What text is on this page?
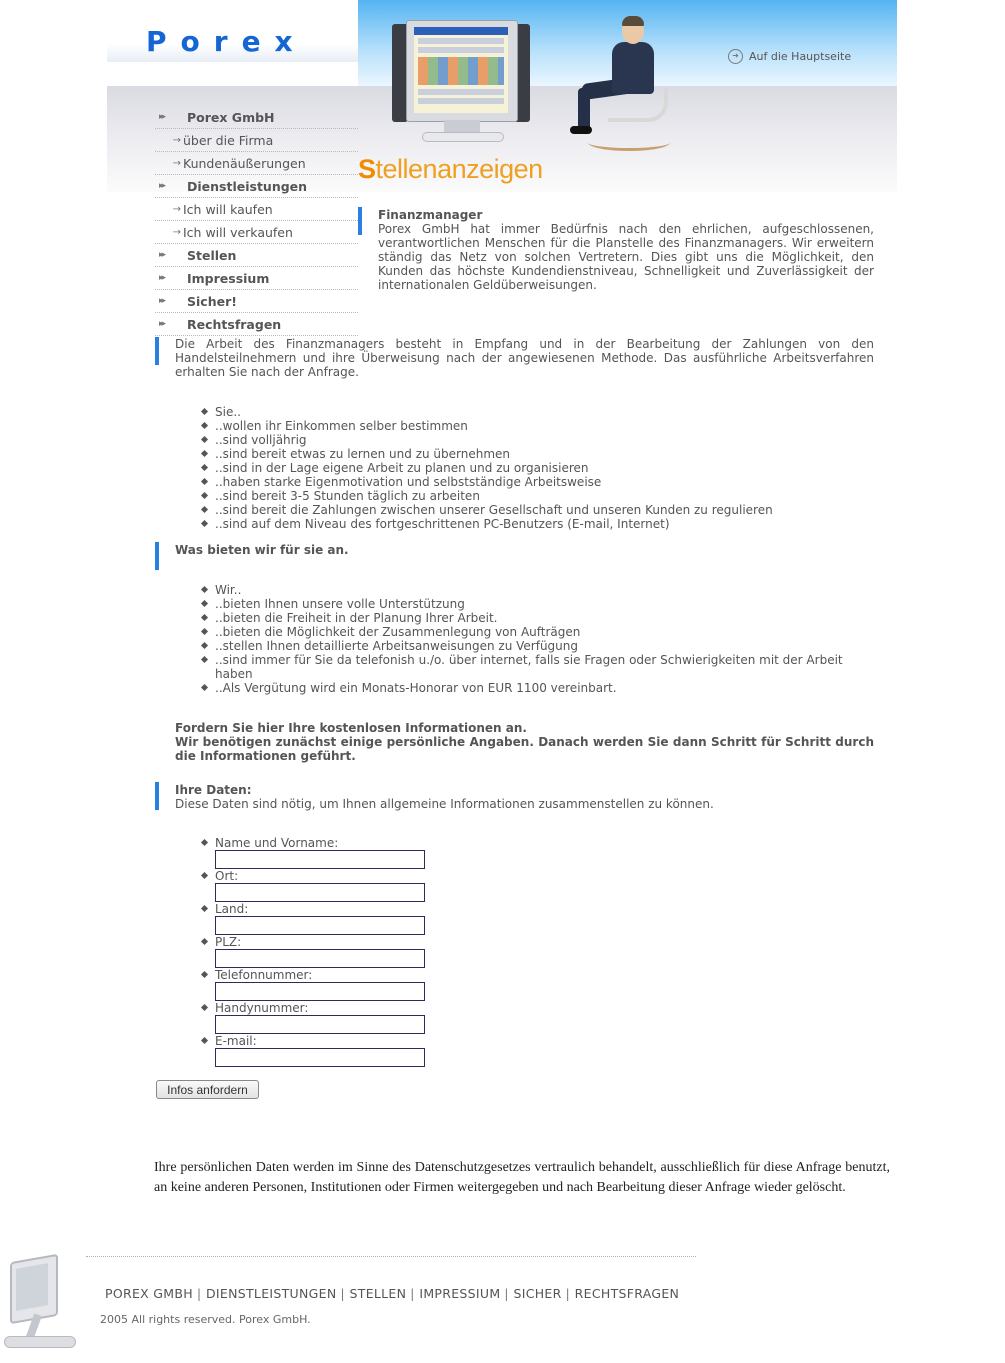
Porex	➜ Auf die Hauptseite
▸▸	Porex GmbH
→ über die Firma
→ Kundenäußerungen
▸▸	Dienstleistungen
→ Ich will kaufen
→ Ich will verkaufen
▸▸	Stellen
▸▸	Impressium
▸▸	Sicher!
▸▸	Rechtsfragen
Stellenanzeigen
Finanzmanager
Porex GmbH hat immer Bedürfnis nach den ehrlichen, aufgeschlossenen, verantwortlichen Menschen für die Planstelle des Finanzmanagers. Wir erweitern ständig das Netz von solchen Vertretern. Dies gibt uns die Möglichkeit, den Kunden das höchste Kundendienstniveau, Schnelligkeit und Zuverlässigkeit der internationalen Geldüberweisungen.
Die Arbeit des Finanzmanagers besteht in Empfang und in der Bearbeitung der Zahlungen von den Handelsteilnehmern und ihre Überweisung nach der angewiesenen Methode. Das ausführliche Arbeitsverfahren erhalten Sie nach der Anfrage.
Sie..
..wollen ihr Einkommen selber bestimmen
..sind volljährig
..sind bereit etwas zu lernen und zu übernehmen
..sind in der Lage eigene Arbeit zu planen und zu organisieren
..haben starke Eigenmotivation und selbstständige Arbeitsweise
..sind bereit 3-5 Stunden täglich zu arbeiten
..sind bereit die Zahlungen zwischen unserer Gesellschaft und unseren Kunden zu regulieren
..sind auf dem Niveau des fortgeschrittenen PC-Benutzers (E-mail, Internet)
Was bieten wir für sie an.
Wir..
..bieten Ihnen unsere volle Unterstützung
..bieten die Freiheit in der Planung Ihrer Arbeit.
..bieten die Möglichkeit der Zusammenlegung von Aufträgen
..stellen Ihnen detaillierte Arbeitsanweisungen zu Verfügung
..sind immer für Sie da telefonish u./o. über internet, falls sie Fragen oder Schwierigkeiten mit der Arbeit haben
..Als Vergütung wird ein Monats-Honorar von EUR 1100 vereinbart.
Fordern Sie hier Ihre kostenlosen Informationen an.
Wir benötigen zunächst einige persönliche Angaben. Danach werden Sie dann Schritt für Schritt durch die Informationen geführt.
Ihre Daten:
Diese Daten sind nötig, um Ihnen allgemeine Informationen zusammenstellen zu können.
Name und Vorname:
Ort:
Land:
PLZ:
Telefonnummer:
Handynummer:
E-mail:
Infos anfordern
Ihre persönlichen Daten werden im Sinne des Datenschutzgesetzes vertraulich behandelt, ausschließlich für diese Anfrage benutzt, an keine anderen Personen, Institutionen oder Firmen weitergegeben und nach Bearbeitung dieser Anfrage wieder gelöscht.
POREX GMBH | DIENSTLEISTUNGEN | STELLEN | IMPRESSIUM | SICHER | RECHTSFRAGEN
2005 All rights reserved. Porex GmbH.
